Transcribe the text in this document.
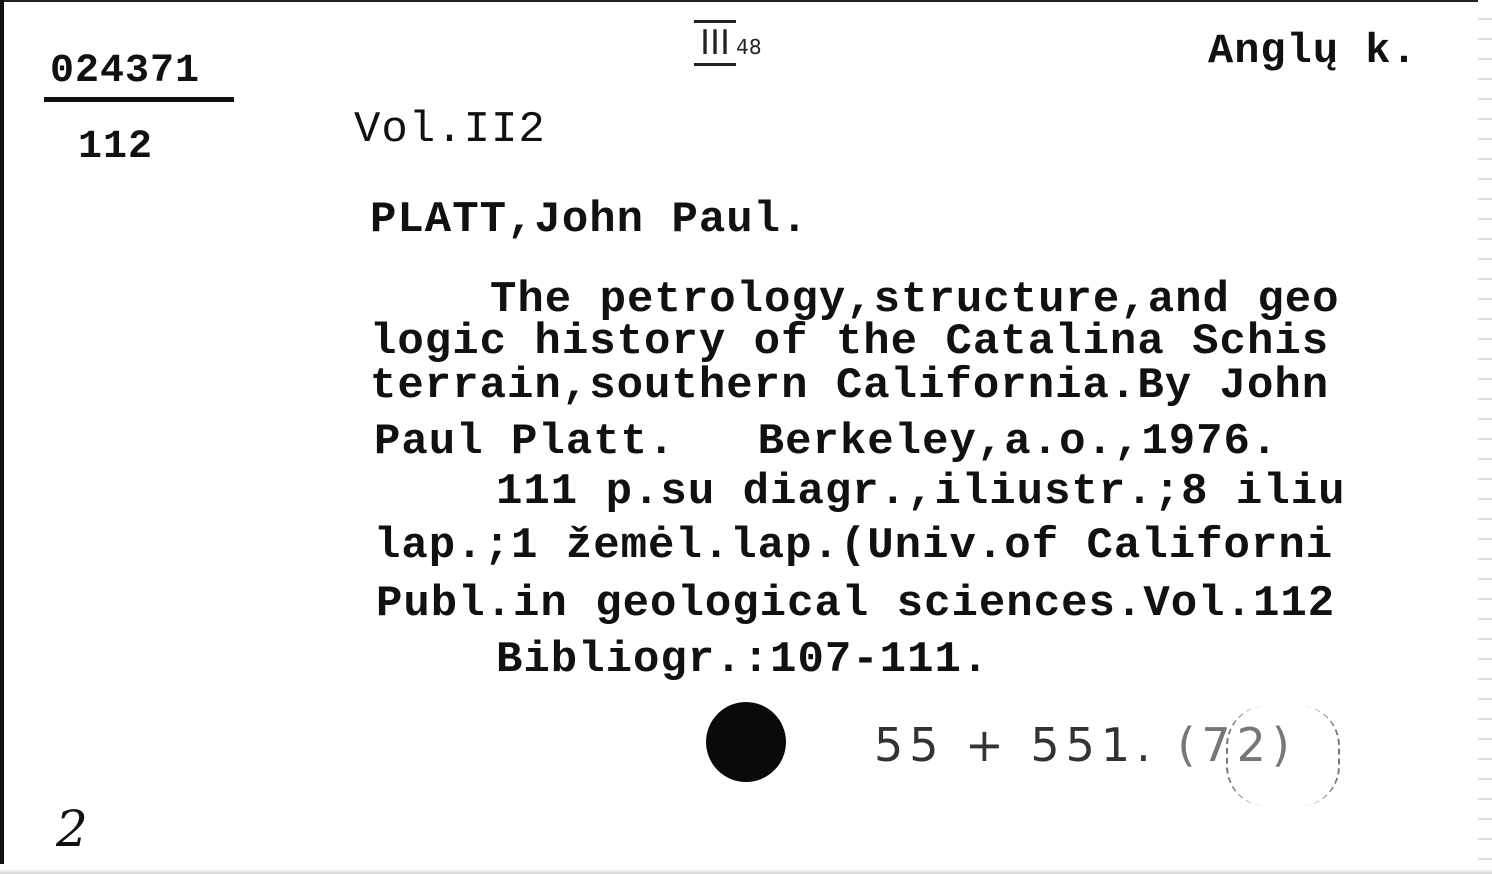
024371
112
III 48	Anglų k.
Vol.II2
PLATT,John Paul.
The petrology,structure,and geo
logic history of the Catalina Schis
terrain,southern California.By John
Paul Platt.   Berkeley,a.o.,1976.
111 p.su diagr.,iliustr.;8 iliu
lap.;1 žemėl.lap.(Univ.of Californi
Publ.in geological sciences.Vol.112
Bibliogr.:107-111.
55 + 551. (72)
2
